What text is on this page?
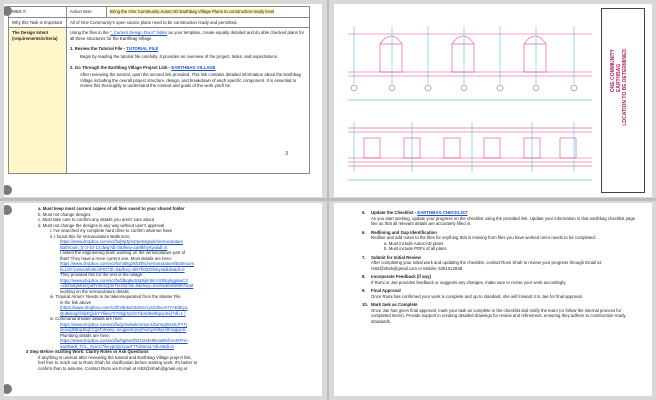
WBS #:	Action Item:	Bring the One Community AutoCAD Earthbag Village Plans to construction-ready level
Why this Task is Important	All of One Community's open source plans need to be construction ready and permitted.	
The Design Intent (requirements/criteria)	Using the files in the "_Current Design Docs" folder as your template, create equally detailed and do able checked plans for all three structures for the Earthbag Village.
1. Review the Tutorial File - TUTORIAL FILE
Begin by reading the tutorial file carefully. It provides an overview of the project, tasks, and expectations.
2. Go Through the Earthbag Village Project Link - EARTHBAG VILLAGE
After reviewing the tutorial, open the second link provided. This link contains detailed information about the Earthbag Village including the overall project structure, design, and breakdown of each specific component. It is essential to review this thoroughly to understand the context and goals of the work you'll be	
3
ONE COMMUNITY
EARTHBAG LOCATION TO BE DETERMINED
a. Must keep most current copies of all files saved to your shared folder
b. Must not change designs
c. Must take care to confirm any details you aren't sure about
d. Must not change the designs in any way without user's approval
i. I've searched my complete hard drive to confirm what we have
ii. I found this for Vernaculature Bathroom:
https://www.dropbox.com/scl/fo/j9p3jm2rpe5dgsyk/Vernaculature
Bathroom_E-3-10-14.dwg?dl=0&rlkey=qwtfkhyrtyu&dl=0
I asked the engineering team working on the vernaculature part of
that? They have a more current one. Most details are here:
https://www.dropbox.com/scl/fo/nld6gz6fc0f6c/vernaculature/Bathroom
eLLOC1e8oo5h39n4P03?dl=0&rlkey=6hl7fr02z9lmtys&lkd0&dl=0
They provided this for the rest of the village
https://www.dropbox.com/scl/fo/fdbq8vdctq9ijrm5/rAX5hqrkgpswC3
=x9Ztv6yMckiQuRY4kmQ3nTkrv0Z?dl=0&rlkey=hvsNw6n9sW9h%0dl
working on the vernaculature details
iii. Tropical Atrium: Needs to be taken/separated from the Master File
in the link above
(https://www.dropbox.com/scl/fo/9p5uh3dmzzcyx23hvon7YAEbEya
Qu8dxvg/clsb4QjcbYYfikey?r7n9jp7pr2nTdo6J9e6bpcpSe)?dl=1 )
iv. Communal shower details are here:
https://www.dropbox.com/scl/fo/gc0w5ukmrmyc4Zwmrgh0u3LPYTj
seoxqSBbp4kqCCgiiTv8xiey=neqgxdnrpvyfnxzcjvk4kyrs0nsjqqx4c
Plumbing details are here:
https://www.dropbox.com/scl/fo/0g8uOf0ZzsH4e9kmwhKfmAN7Frn
aaGBadt_TCL_SyiAC7ikeyprjQrzyuuF7TdmmsL?dl=0&dl=0
3 Step Before Starting Work: Clarify Roles or Ask Questions
If anything is unclear after reviewing the tutorial and Earthbag Village project link,
feel free to reach out to Rumi Shah for clarification before starting work. It's better to
confirm than to assume. Contact Rumi via E-mail at rs92@rshah@gmail.org or
5. Update the Checklist - EARTHBAG CHECKLIST
As you start working, update your progress on the checklist using the provided link. Update your information in that earthbag checklist page line as that all relevant details are accurately filled in.
6. Redlining and Gap Identification
Redline and add notes to the files for anything that is missing from files you have worked on/or needs to be completed:
a. Must include AutoCAD plans
b. Must include PDFs of all plans
7. Submit for Initial Review
After completing your initial work and updating the checklist, contact Rumi Shah to review your progress through Email at: rs92@shah@gmail.com or Mobile: 6351012838.
8. Incorporate Feedback (if any)
If Rumi or Jae provides feedback or suggests any changes, make sure to revise your work accordingly.
9. Final Approval
Once Rumi has confirmed your work is complete and up to standard, she will forward it to Jae for final approval.
10. Mark task as Complete
Once Jae has given final approval, mark your task as complete in the checklist and notify the team (or follow the internal process for completed items). Provide support in creating detailed drawings for review and refinement, ensuring they adhere to construction-ready standards.
